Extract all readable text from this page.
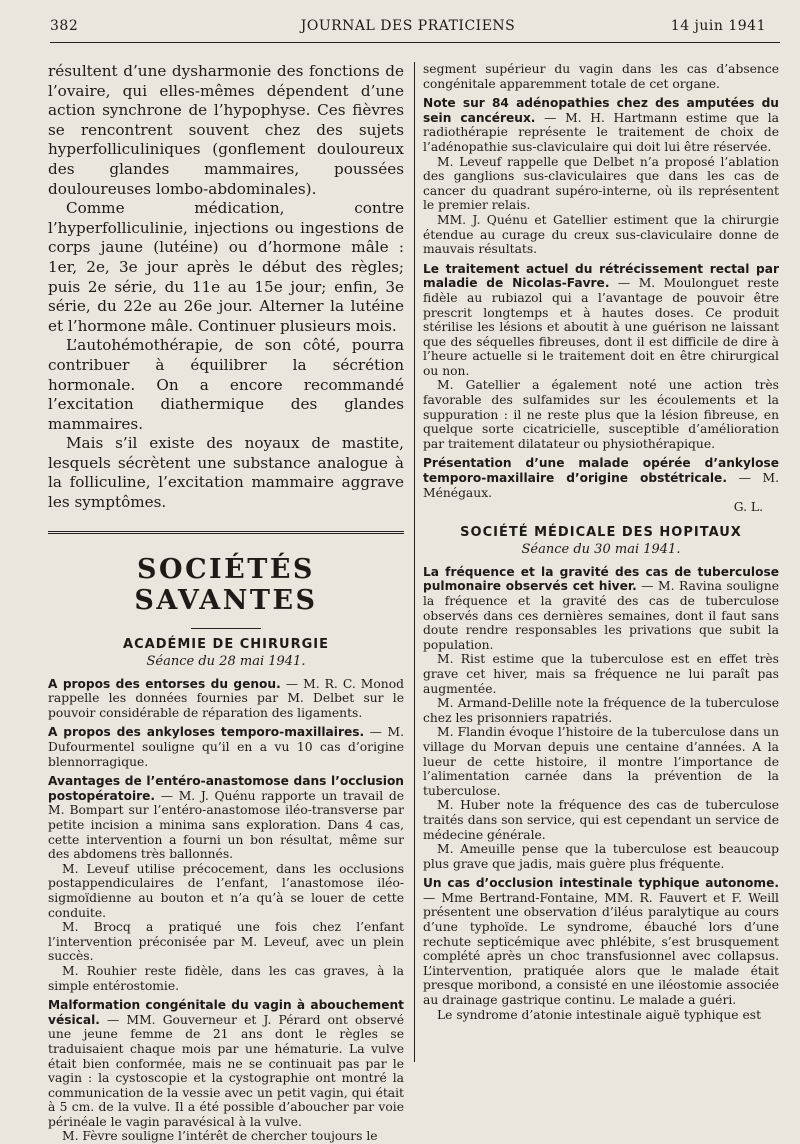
382	JOURNAL DES PRATICIENS	14 juin 1941

résultent d’une dysharmonie des fonctions de l’ovaire, qui elles-mêmes dépendent d’une action synchrone de l’hypophyse. Ces fièvres se rencontrent souvent chez des sujets hyperfolliculiniques (gonflement douloureux des glandes mammaires, poussées douloureuses lombo-abdominales).

Comme médication, contre l’hyperfolliculinie, injections ou ingestions de corps jaune (lutéine) ou d’hormone mâle : 1er, 2e, 3e jour après le début des règles; puis 2e série, du 11e au 15e jour; enfin, 3e série, du 22e au 26e jour. Alterner la lutéine et l’hormone mâle. Continuer plusieurs mois.

L’autohémothérapie, de son côté, pourra contribuer à équilibrer la sécrétion hormonale. On a encore recommandé l’excitation diathermique des glandes mammaires.

Mais s’il existe des noyaux de mastite, lesquels sécrètent une substance analogue à la folliculine, l’excitation mammaire aggrave les symptômes.

SOCIÉTÉS SAVANTES
ACADÉMIE DE CHIRURGIE
Séance du 28 mai 1941.

A propos des entorses du genou. — M. R. C. Monod rappelle les données fournies par M. Delbet sur le pouvoir considérable de réparation des ligaments.

A propos des ankyloses temporo-maxillaires. — M. Dufourmentel souligne qu’il en a vu 10 cas d’origine blennorragique.

Avantages de l’entéro-anastomose dans l’occlusion postopératoire. — M. J. Quénu rapporte un travail de M. Bompart sur l’entéro-anastomose iléo-transverse par petite incision a minima sans exploration. Dans 4 cas, cette intervention a fourni un bon résultat, même sur des abdomens très ballonnés.

M. Leveuf utilise précocement, dans les occlusions postappendiculaires de l’enfant, l’anastomose iléo-sigmoïdienne au bouton et n’a qu’à se louer de cette conduite.

M. Brocq a pratiqué une fois chez l’enfant l’intervention préconisée par M. Leveuf, avec un plein succès.

M. Rouhier reste fidèle, dans les cas graves, à la simple entérostomie.

Malformation congénitale du vagin à abouchement vésical. — MM. Gouverneur et J. Pérard ont observé une jeune femme de 21 ans dont le règles se traduisaient chaque mois par une hématurie. La vulve était bien conformée, mais ne se continuait pas par le vagin : la cystoscopie et la cystographie ont montré la communication de la vessie avec un petit vagin, qui était à 5 cm. de la vulve. Il a été possible d’aboucher par voie périnéale le vagin paravésical à la vulve.

M. Fèvre souligne l’intérêt de chercher toujours le

segment supérieur du vagin dans les cas d’absence congénitale apparemment totale de cet organe.

Note sur 84 adénopathies chez des amputées du sein cancéreux. — M. H. Hartmann estime que la radiothérapie représente le traitement de choix de l’adénopathie sus-claviculaire qui doit lui être réservée.

M. Leveuf rappelle que Delbet n’a proposé l’ablation des ganglions sus-claviculaires que dans les cas de cancer du quadrant supéro-interne, où ils représentent le premier relais.

MM. J. Quénu et Gatellier estiment que la chirurgie étendue au curage du creux sus-claviculaire donne de mauvais résultats.

Le traitement actuel du rétrécissement rectal par maladie de Nicolas-Favre. — M. Moulonguet reste fidèle au rubiazol qui a l’avantage de pouvoir être prescrit longtemps et à hautes doses. Ce produit stérilise les lésions et aboutit à une guérison ne laissant que des séquelles fibreuses, dont il est difficile de dire à l’heure actuelle si le traitement doit en être chirurgical ou non.

M. Gatellier a également noté une action très favorable des sulfamides sur les écoulements et la suppuration : il ne reste plus que la lésion fibreuse, en quelque sorte cicatricielle, susceptible d’amélioration par traitement dilatateur ou physiothérapique.

Présentation d’une malade opérée d’ankylose temporo-maxillaire d’origine obstétricale. — M. Ménégaux.

G. L.

SOCIÉTÉ MÉDICALE DES HOPITAUX
Séance du 30 mai 1941.

La fréquence et la gravité des cas de tuberculose pulmonaire observés cet hiver. — M. Ravina souligne la fréquence et la gravité des cas de tuberculose observés dans ces dernières semaines, dont il faut sans doute rendre responsables les privations que subit la population.

M. Rist estime que la tuberculose est en effet très grave cet hiver, mais sa fréquence ne lui paraît pas augmentée.

M. Armand-Delille note la fréquence de la tuberculose chez les prisonniers rapatriés.

M. Flandin évoque l’histoire de la tuberculose dans un village du Morvan depuis une centaine d’années. A la lueur de cette histoire, il montre l’importance de l’alimentation carnée dans la prévention de la tuberculose.

M. Huber note la fréquence des cas de tuberculose traités dans son service, qui est cependant un service de médecine générale.

M. Ameuille pense que la tuberculose est beaucoup plus grave que jadis, mais guère plus fréquente.

Un cas d’occlusion intestinale typhique autonome. — Mme Bertrand-Fontaine, MM. R. Fauvert et F. Weill présentent une observation d’iléus paralytique au cours d’une typhoïde. Le syndrome, ébauché lors d’une rechute septicémique avec phlébite, s’est brusquement complété après un choc transfusionnel avec collapsus. L’intervention, pratiquée alors que le malade était presque moribond, a consisté en une iléostomie associée au drainage gastrique continu. Le malade a guéri.

Le syndrome d’atonie intestinale aiguë typhique est
